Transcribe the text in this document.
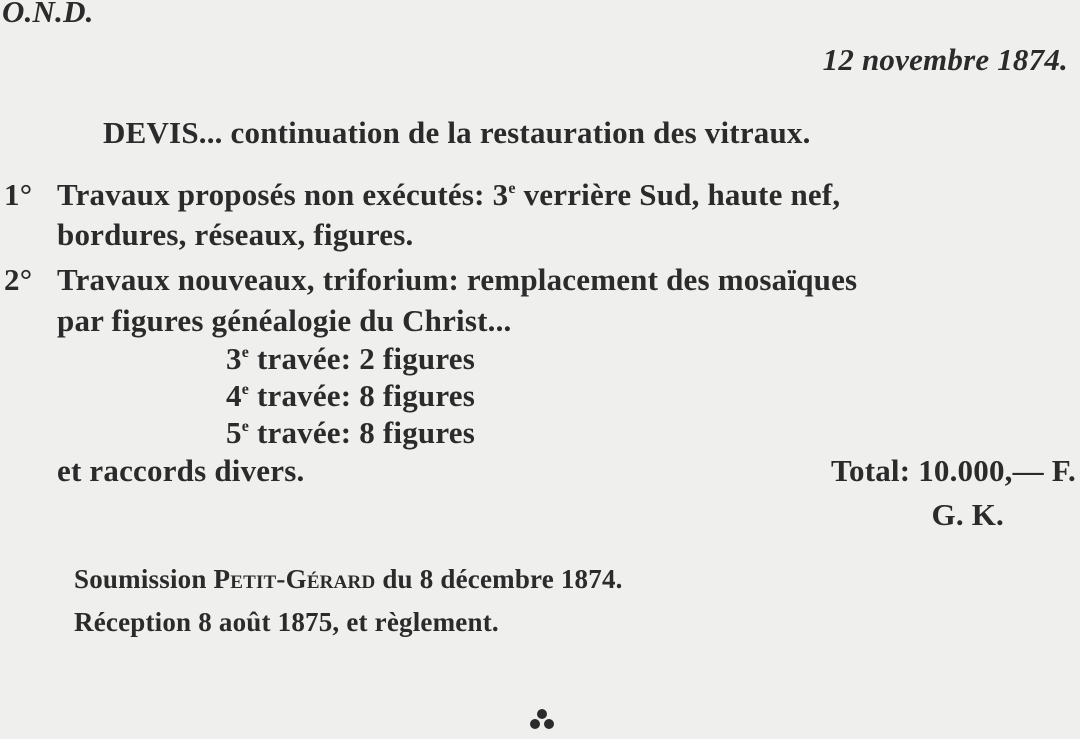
O.N.D.
12 novembre 1874.
DEVIS... continuation de la restauration des vitraux.
1° Travaux proposés non exécutés: 3e verrière Sud, haute nef,
bordures, réseaux, figures.
2° Travaux nouveaux, triforium: remplacement des mosaïques
par figures généalogie du Christ...
3e travée: 2 figures
4e travée: 8 figures
5e travée: 8 figures
et raccords divers.	Total: 10.000,— F.
G. K.
Soumission Petit-Gérard du 8 décembre 1874.
Réception 8 août 1875, et règlement.
